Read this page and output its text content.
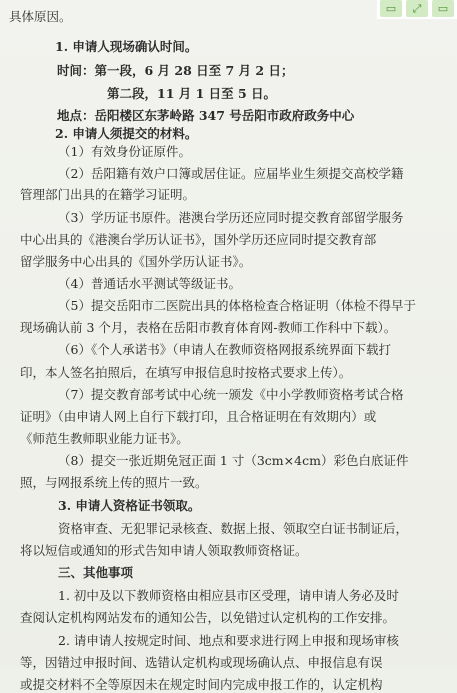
具体原因。
1. 申请人现场确认时间。
时间：第一段，6 月 28 日至 7 月 2 日；
第二段，11 月 1 日至 5 日。
地点：岳阳楼区东茅岭路 347 号岳阳市政府政务中心
2. 申请人须提交的材料。
（1）有效身份证原件。
（2）岳阳籍有效户口簿或居住证。应届毕业生须提交高校学籍
管理部门出具的在籍学习证明。
（3）学历证书原件。港澳台学历还应同时提交教育部留学服务
中心出具的《港澳台学历认证书》，国外学历还应同时提交教育部
留学服务中心出具的《国外学历认证书》。
（4）普通话水平测试等级证书。
（5）提交岳阳市二医院出具的体格检查合格证明（体检不得早于
现场确认前 3 个月，表格在岳阳市教育体育网-教师工作科中下载）。
（6）《个人承诺书》（申请人在教师资格网报系统界面下载打
印，本人签名拍照后，在填写申报信息时按格式要求上传）。
（7）提交教育部考试中心统一颁发《中小学教师资格考试合格
证明》（由申请人网上自行下载打印，且合格证明在有效期内）或
《师范生教师职业能力证书》。
（8）提交一张近期免冠正面 1 寸（3cm×4cm）彩色白底证件
照，与网报系统上传的照片一致。
3. 申请人资格证书领取。
资格审查、无犯罪记录核查、数据上报、领取空白证书制证后，
将以短信或通知的形式告知申请人领取教师资格证。
三、其他事项
1. 初中及以下教师资格由相应县市区受理，请申请人务必及时
查阅认定机构网站发布的通知公告，以免错过认定机构的工作安排。
2. 请申请人按规定时间、地点和要求进行网上申报和现场审核
等，因错过申报时间、选错认定机构或现场确认点、申报信息有误
或提交材料不全等原因未在规定时间内完成申报工作的，认定机构
▭	⤢	▭
